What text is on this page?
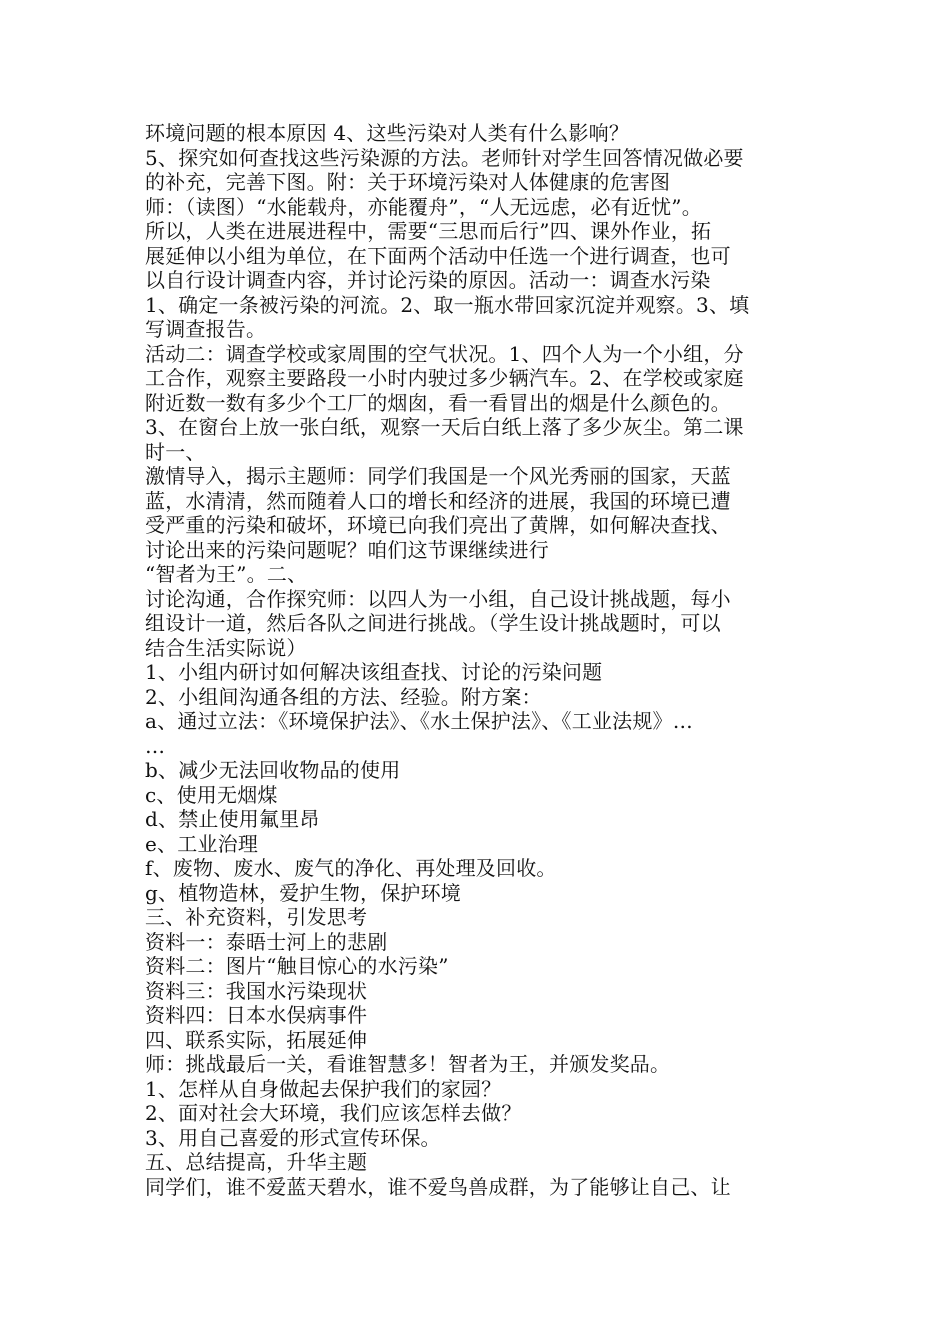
环境问题的根本原因 4、这些污染对人类有什么影响？
5、探究如何查找这些污染源的方法。老师针对学生回答情况做必要
的补充，完善下图。附：关于环境污染对人体健康的危害图
师：（读图）“水能载舟，亦能覆舟”，“人无远虑，必有近忧”。
所以，人类在进展进程中，需要“三思而后行”四、课外作业，拓
展延伸以小组为单位，在下面两个活动中任选一个进行调查，也可
以自行设计调查内容，并讨论污染的原因。活动一：调查水污染
1、确定一条被污染的河流。2、取一瓶水带回家沉淀并观察。3、填
写调查报告。
活动二：调查学校或家周围的空气状况。1、四个人为一个小组，分
工合作，观察主要路段一小时内驶过多少辆汽车。2、在学校或家庭
附近数一数有多少个工厂的烟囱，看一看冒出的烟是什么颜色的。
3、在窗台上放一张白纸，观察一天后白纸上落了多少灰尘。第二课
时一、
激情导入，揭示主题师：同学们我国是一个风光秀丽的国家，天蓝
蓝，水清清，然而随着人口的增长和经济的进展，我国的环境已遭
受严重的污染和破坏，环境已向我们亮出了黄牌，如何解决查找、
讨论出来的污染问题呢？咱们这节课继续进行
“智者为王”。二、
讨论沟通，合作探究师：以四人为一小组，自己设计挑战题，每小
组设计一道，然后各队之间进行挑战。（学生设计挑战题时，可以
结合生活实际说）
1、小组内研讨如何解决该组查找、讨论的污染问题
2、小组间沟通各组的方法、经验。附方案：
a、通过立法：《环境保护法》、《水土保护法》、《工业法规》…
…
b、减少无法回收物品的使用
c、使用无烟煤
d、禁止使用氟里昂
e、工业治理
f、废物、废水、废气的净化、再处理及回收。
g、植物造林，爱护生物，保护环境
三、补充资料，引发思考
资料一：泰晤士河上的悲剧
资料二：图片“触目惊心的水污染”
资料三：我国水污染现状
资料四：日本水俣病事件
四、联系实际，拓展延伸
师：挑战最后一关，看谁智慧多！智者为王，并颁发奖品。
1、怎样从自身做起去保护我们的家园？
2、面对社会大环境，我们应该怎样去做？
3、用自己喜爱的形式宣传环保。
五、总结提高，升华主题
同学们，谁不爱蓝天碧水，谁不爱鸟兽成群，为了能够让自己、让
